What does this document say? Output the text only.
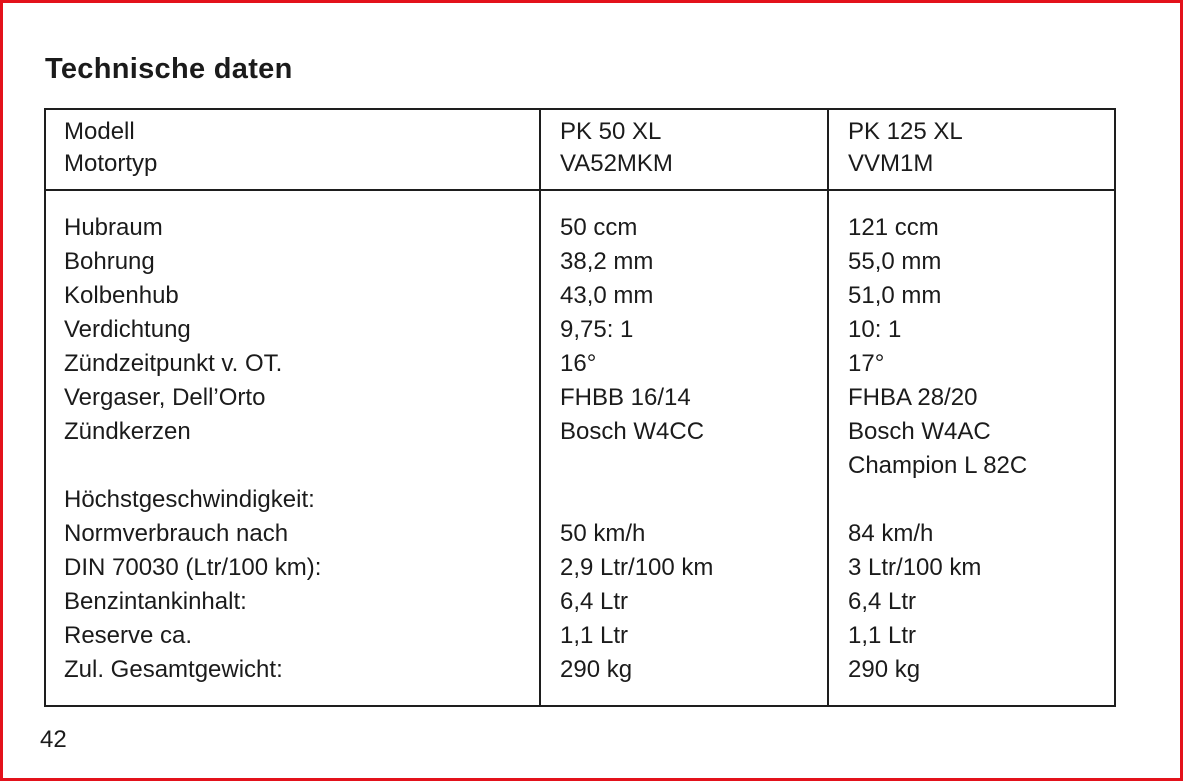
Technische daten
Modell
Motortyp
PK 50 XL
VA52MKM
PK 125 XL
VVM1M
Hubraum
Bohrung
Kolbenhub
Verdichtung
Zündzeitpunkt v. OT.
Vergaser, Dell’Orto
Zündkerzen
Höchstgeschwindigkeit:
Normverbrauch nach
DIN 70030 (Ltr/100 km):
Benzintankinhalt:
Reserve ca.
Zul. Gesamtgewicht:
50 ccm
38,2 mm
43,0 mm
9,75: 1
16°
FHBB 16/14
Bosch W4CC
50 km/h
2,9 Ltr/100 km
6,4 Ltr
1,1 Ltr
290 kg
121 ccm
55,0 mm
51,0 mm
10: 1
17°
FHBA 28/20
Bosch W4AC
Champion L 82C
84 km/h
3 Ltr/100 km
6,4 Ltr
1,1 Ltr
290 kg
42
